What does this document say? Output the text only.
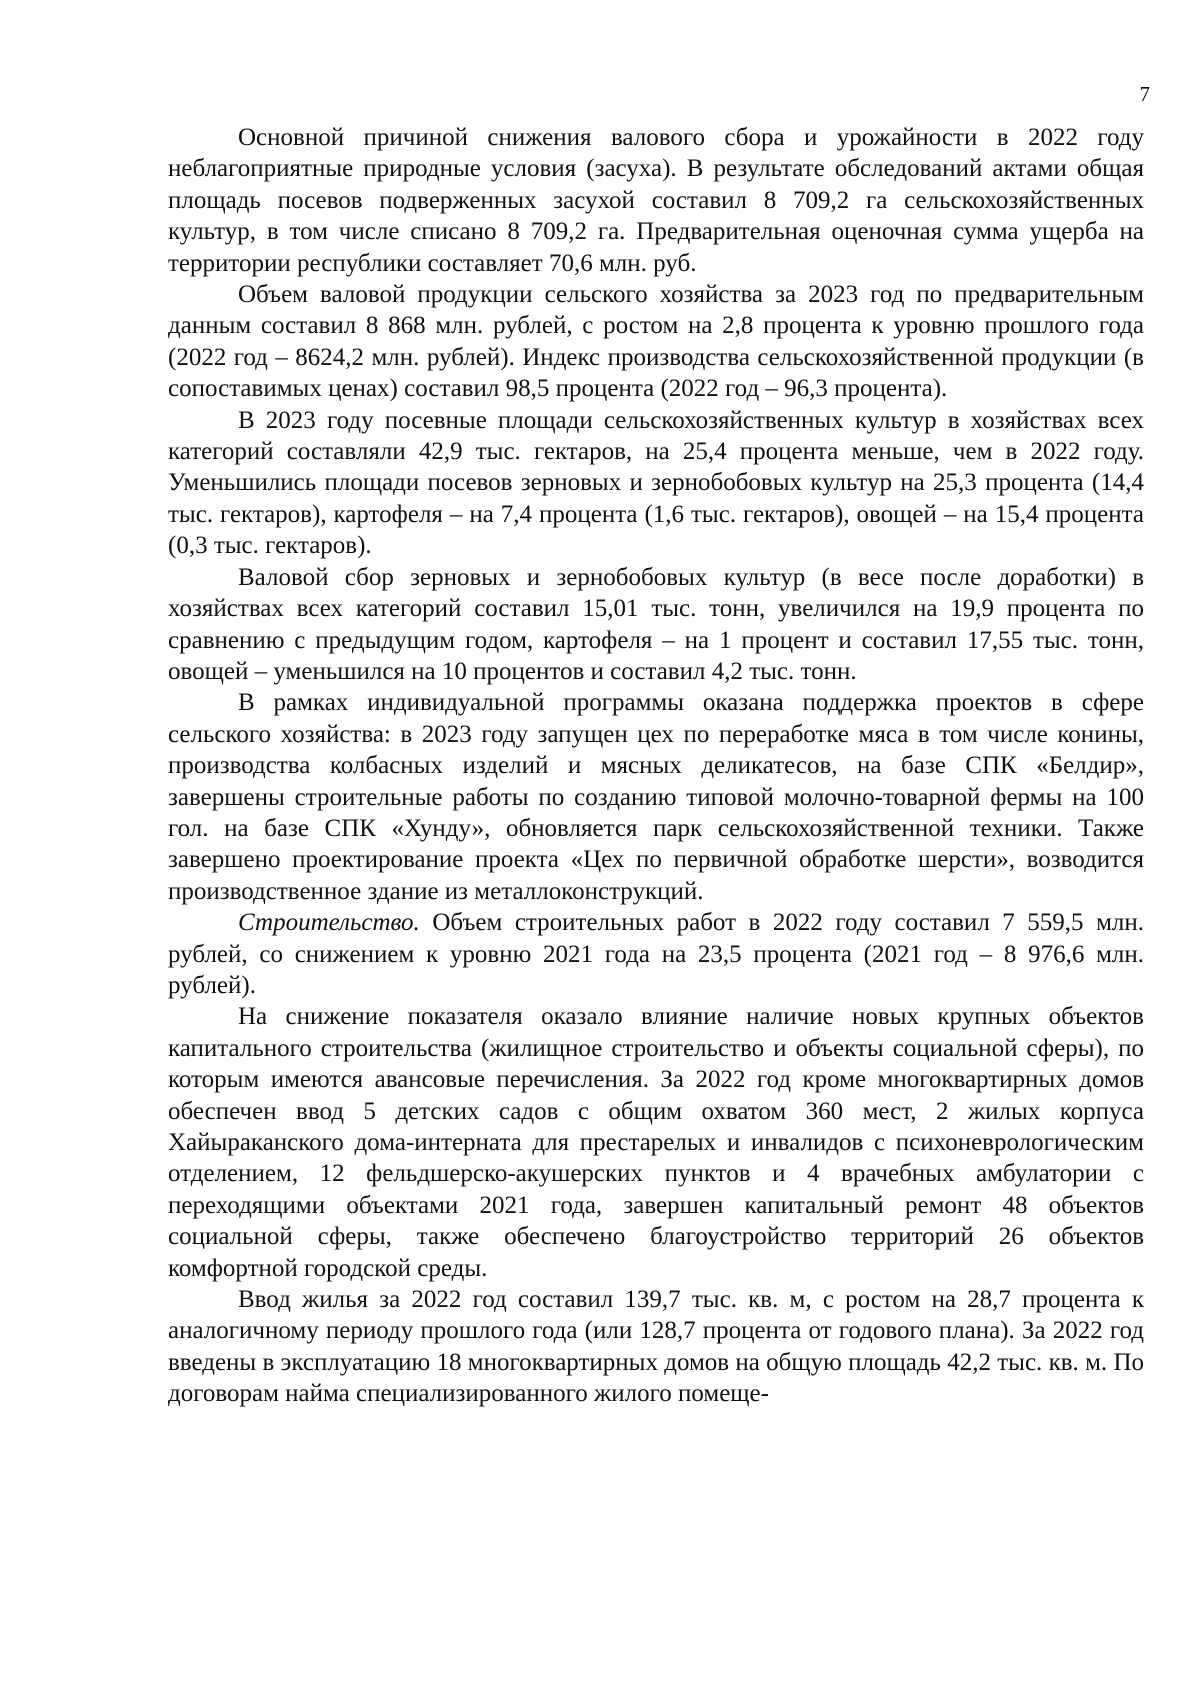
7

Основной причиной снижения валового сбора и урожайности в 2022 году неблагоприятные природные условия (засуха). В результате обследований актами общая площадь посевов подверженных засухой составил 8 709,2 га сельскохозяйственных культур, в том числе списано 8 709,2 га. Предварительная оценочная сумма ущерба на территории республики составляет 70,6 млн. руб.

Объем валовой продукции сельского хозяйства за 2023 год по предварительным данным составил 8 868 млн. рублей, с ростом на 2,8 процента к уровню прошлого года (2022 год – 8624,2 млн. рублей). Индекс производства сельскохозяйственной продукции (в сопоставимых ценах) составил 98,5 процента (2022 год – 96,3 процента).

В 2023 году посевные площади сельскохозяйственных культур в хозяйствах всех категорий составляли 42,9 тыс. гектаров, на 25,4 процента меньше, чем в 2022 году. Уменьшились площади посевов зерновых и зернобобовых культур на 25,3 процента (14,4 тыс. гектаров), картофеля – на 7,4 процента (1,6 тыс. гектаров), овощей – на 15,4 процента (0,3 тыс. гектаров).

Валовой сбор зерновых и зернобобовых культур (в весе после доработки) в хозяйствах всех категорий составил 15,01 тыс. тонн, увеличился на 19,9 процента по сравнению с предыдущим годом, картофеля – на 1 процент и составил 17,55 тыс. тонн, овощей – уменьшился на 10 процентов и составил 4,2 тыс. тонн.

В рамках индивидуальной программы оказана поддержка проектов в сфере сельского хозяйства: в 2023 году запущен цех по переработке мяса в том числе конины, производства колбасных изделий и мясных деликатесов, на базе СПК «Белдир», завершены строительные работы по созданию типовой молочно-товарной фермы на 100 гол. на базе СПК «Хунду», обновляется парк сельскохозяйственной техники. Также завершено проектирование проекта «Цех по первичной обработке шерсти», возводится производственное здание из металлоконструкций.

Строительство. Объем строительных работ в 2022 году составил 7 559,5 млн. рублей, со снижением к уровню 2021 года на 23,5 процента (2021 год – 8 976,6 млн. рублей).

На снижение показателя оказало влияние наличие новых крупных объектов капитального строительства (жилищное строительство и объекты социальной сферы), по которым имеются авансовые перечисления. За 2022 год кроме многоквартирных домов обеспечен ввод 5 детских садов с общим охватом 360 мест, 2 жилых корпуса Хайыраканского дома-интерната для престарелых и инвалидов с психоневрологическим отделением, 12 фельдшерско-акушерских пунктов и 4 врачебных амбулатории с переходящими объектами 2021 года, завершен капитальный ремонт 48 объектов социальной сферы, также обеспечено благоустройство территорий 26 объектов комфортной городской среды.

Ввод жилья за 2022 год составил 139,7 тыс. кв. м, с ростом на 28,7 процента к аналогичному периоду прошлого года (или 128,7 процента от годового плана). За 2022 год введены в эксплуатацию 18 многоквартирных домов на общую площадь 42,2 тыс. кв. м. По договорам найма специализированного жилого помеще-
